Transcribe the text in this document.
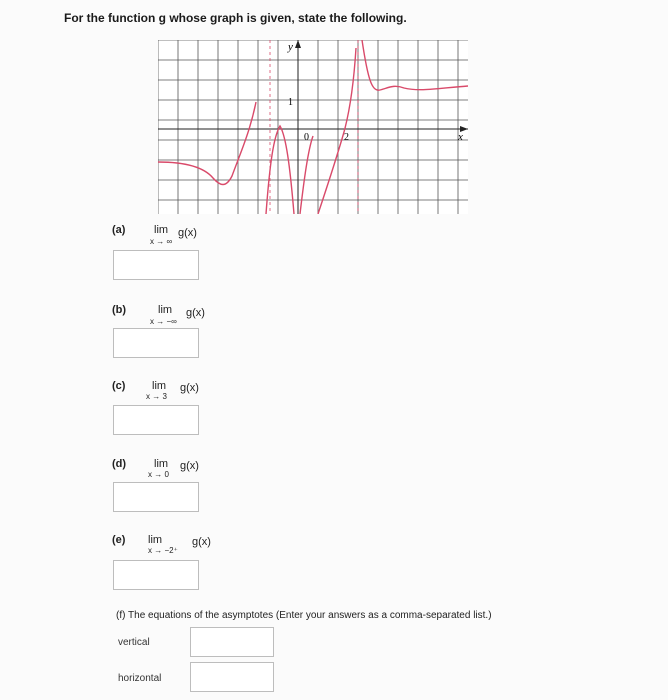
For the function g whose graph is given, state the following.
y
x
1
0	2
(a)	lim
x → ∞
g(x)
(b)	lim
x → −∞
g(x)
(c) lim
x → 3
g(x)
(d)	lim
x → 0
g(x)
(e) lim
x → −2⁺
g(x)
(f) The equations of the asymptotes (Enter your answers as a comma-separated list.)
vertical
horizontal
